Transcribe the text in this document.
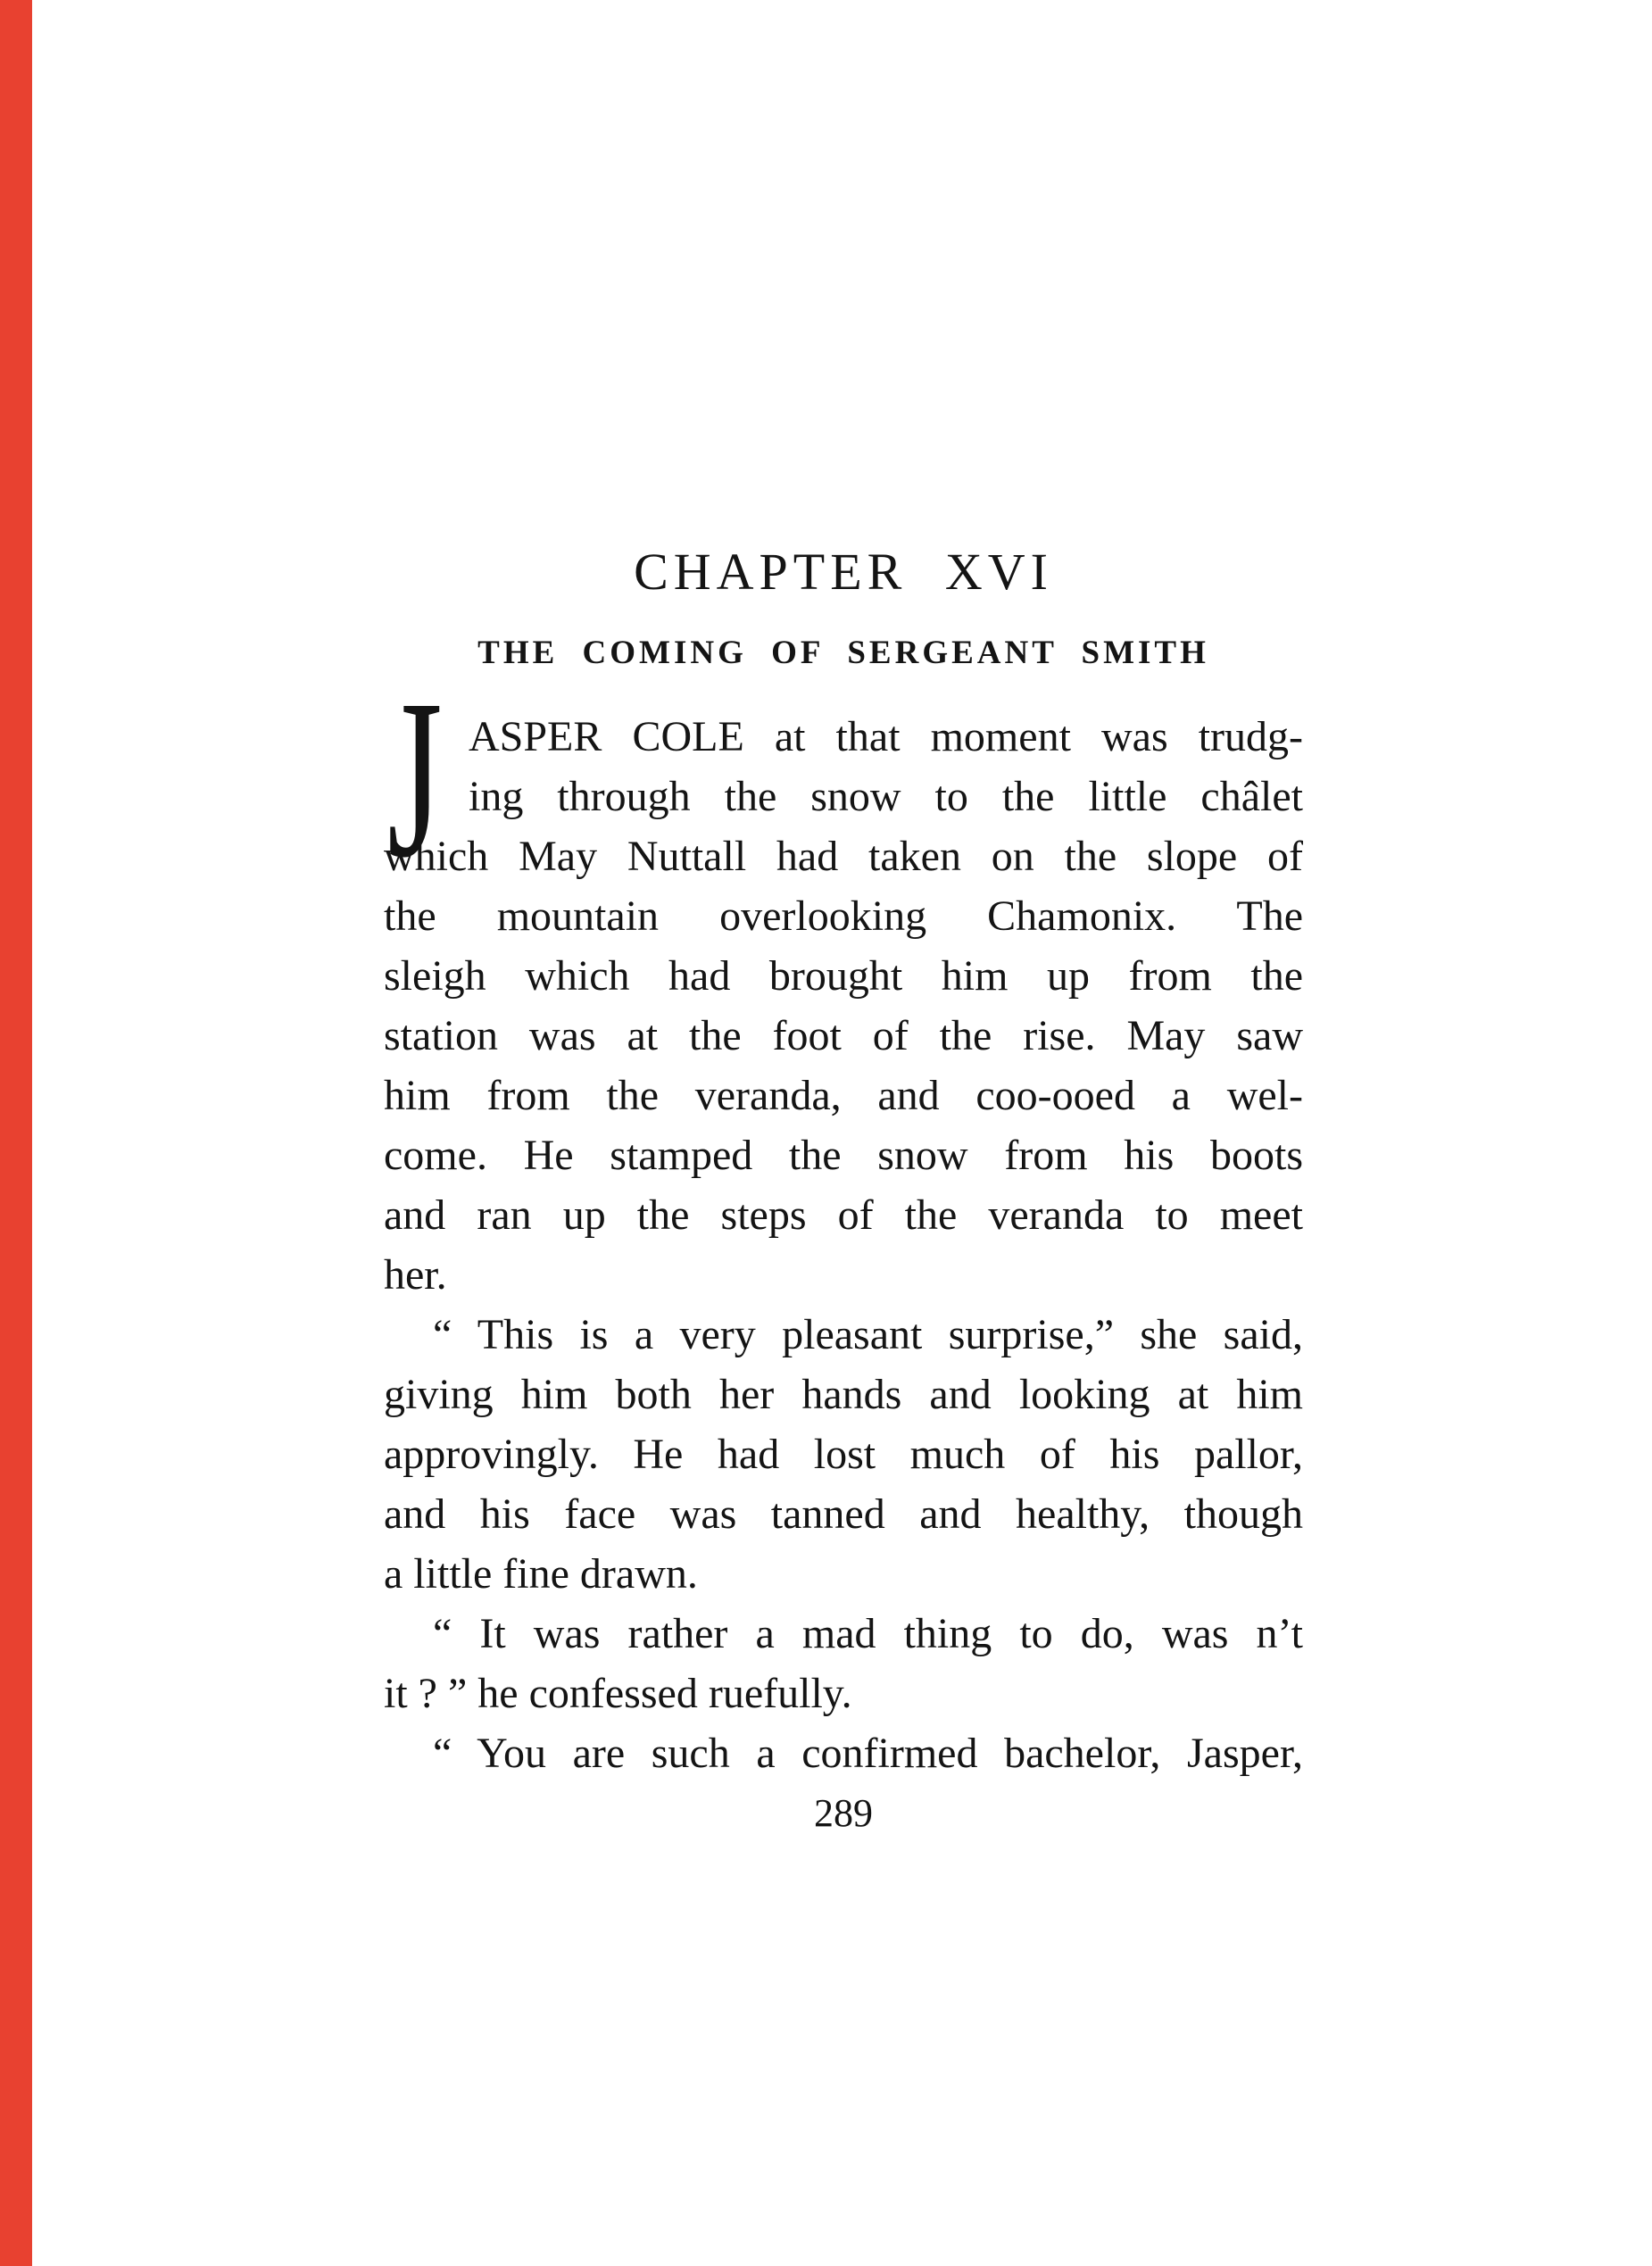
CHAPTER XVI
THE COMING OF SERGEANT SMITH
J ASPER COLE at that moment was trudg-
ing through the snow to the little châlet
which May Nuttall had taken on the slope of
the mountain overlooking Chamonix. The
sleigh which had brought him up from the
station was at the foot of the rise. May saw
him from the veranda, and coo-ooed a wel-
come. He stamped the snow from his boots
and ran up the steps of the veranda to meet
her.
“ This is a very pleasant surprise,” she said,
giving him both her hands and looking at him
approvingly. He had lost much of his pallor,
and his face was tanned and healthy, though
a little fine drawn.
“ It was rather a mad thing to do, was n’t
it ? ” he confessed ruefully.
“ You are such a confirmed bachelor, Jasper,
289
